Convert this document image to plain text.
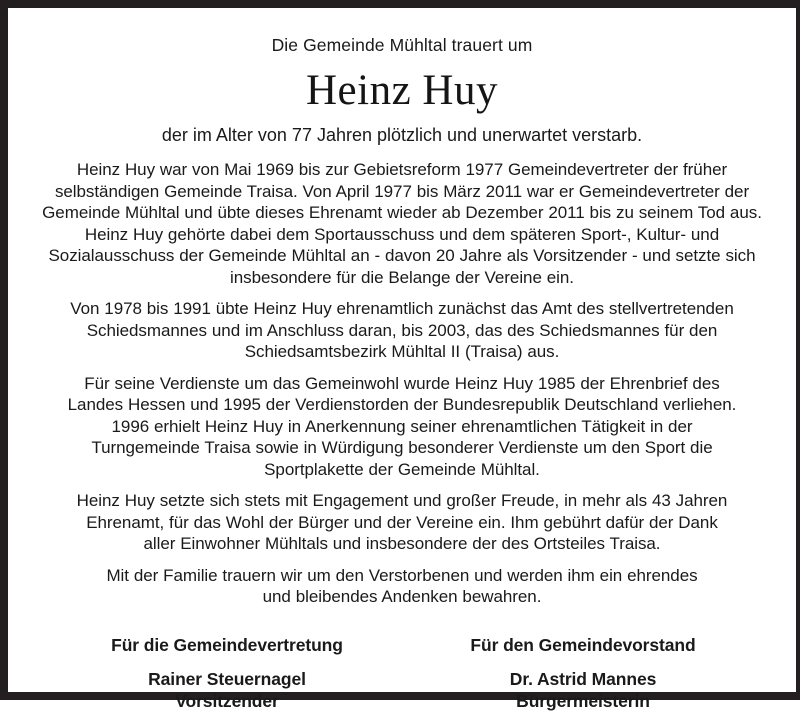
Die Gemeinde Mühltal trauert um
Heinz Huy
der im Alter von 77 Jahren plötzlich und unerwartet verstarb.

Heinz Huy war von Mai 1969 bis zur Gebietsreform 1977 Gemeindevertreter der früher selbständigen Gemeinde Traisa. Von April 1977 bis März 2011 war er Gemeindevertreter der Gemeinde Mühltal und übte dieses Ehrenamt wieder ab Dezember 2011 bis zu seinem Tod aus. Heinz Huy gehörte dabei dem Sportausschuss und dem späteren Sport-, Kultur- und Sozialausschuss der Gemeinde Mühltal an - davon 20 Jahre als Vorsitzender - und setzte sich insbesondere für die Belange der Vereine ein.

Von 1978 bis 1991 übte Heinz Huy ehrenamtlich zunächst das Amt des stellvertretenden Schiedsmannes und im Anschluss daran, bis 2003, das des Schiedsmannes für den Schiedsamtsbezirk Mühltal II (Traisa) aus.

Für seine Verdienste um das Gemeinwohl wurde Heinz Huy 1985 der Ehrenbrief des Landes Hessen und 1995 der Verdienstorden der Bundesrepublik Deutschland verliehen. 1996 erhielt Heinz Huy in Anerkennung seiner ehrenamtlichen Tätigkeit in der Turngemeinde Traisa sowie in Würdigung besonderer Verdienste um den Sport die Sportplakette der Gemeinde Mühltal.

Heinz Huy setzte sich stets mit Engagement und großer Freude, in mehr als 43 Jahren Ehrenamt, für das Wohl der Bürger und der Vereine ein. Ihm gebührt dafür der Dank aller Einwohner Mühltals und insbesondere der des Ortsteiles Traisa.

Mit der Familie trauern wir um den Verstorbenen und werden ihm ein ehrendes und bleibendes Andenken bewahren.

Für die Gemeindevertretung
Rainer Steuernagel
Vorsitzender
Für den Gemeindevorstand
Dr. Astrid Mannes
Bürgermeisterin
